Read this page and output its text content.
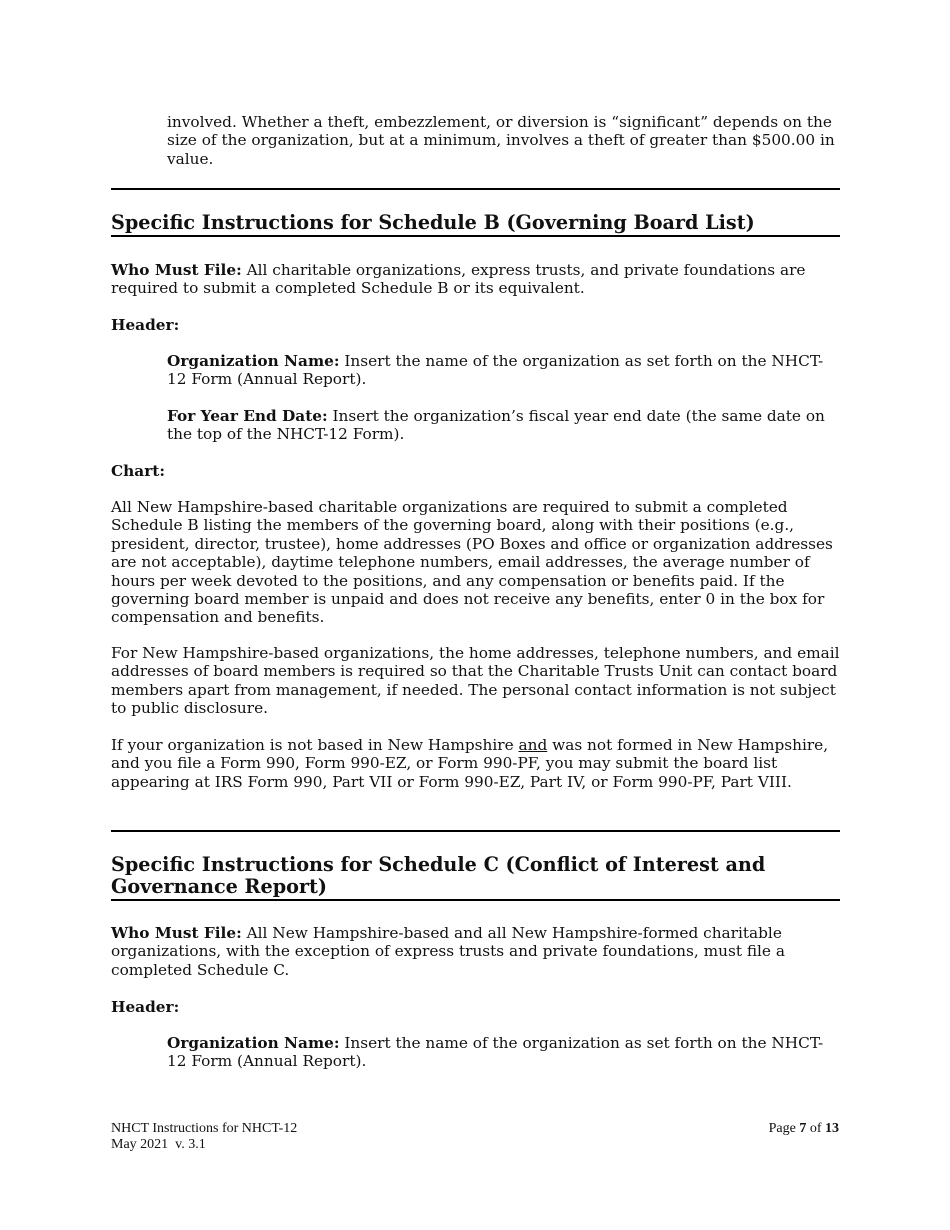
involved. Whether a theft, embezzlement, or diversion is “significant” depends on the size of the organization, but at a minimum, involves a theft of greater than $500.00 in value.

Specific Instructions for Schedule B (Governing Board List)

Who Must File: All charitable organizations, express trusts, and private foundations are required to submit a completed Schedule B or its equivalent.

Header:

Organization Name: Insert the name of the organization as set forth on the NHCT-12 Form (Annual Report).

For Year End Date: Insert the organization’s fiscal year end date (the same date on the top of the NHCT-12 Form).

Chart:

All New Hampshire-based charitable organizations are required to submit a completed Schedule B listing the members of the governing board, along with their positions (e.g., president, director, trustee), home addresses (PO Boxes and office or organization addresses are not acceptable), daytime telephone numbers, email addresses, the average number of hours per week devoted to the positions, and any compensation or benefits paid. If the governing board member is unpaid and does not receive any benefits, enter 0 in the box for compensation and benefits.

For New Hampshire-based organizations, the home addresses, telephone numbers, and email addresses of board members is required so that the Charitable Trusts Unit can contact board members apart from management, if needed. The personal contact information is not subject to public disclosure.

If your organization is not based in New Hampshire and was not formed in New Hampshire, and you file a Form 990, Form 990-EZ, or Form 990-PF, you may submit the board list appearing at IRS Form 990, Part VII or Form 990-EZ, Part IV, or Form 990-PF, Part VIII.

Specific Instructions for Schedule C (Conflict of Interest and Governance Report)

Who Must File: All New Hampshire-based and all New Hampshire-formed charitable organizations, with the exception of express trusts and private foundations, must file a completed Schedule C.

Header:

Organization Name: Insert the name of the organization as set forth on the NHCT-12 Form (Annual Report).

NHCT Instructions for NHCT-12
May 2021  v. 3.1
Page 7 of 13
